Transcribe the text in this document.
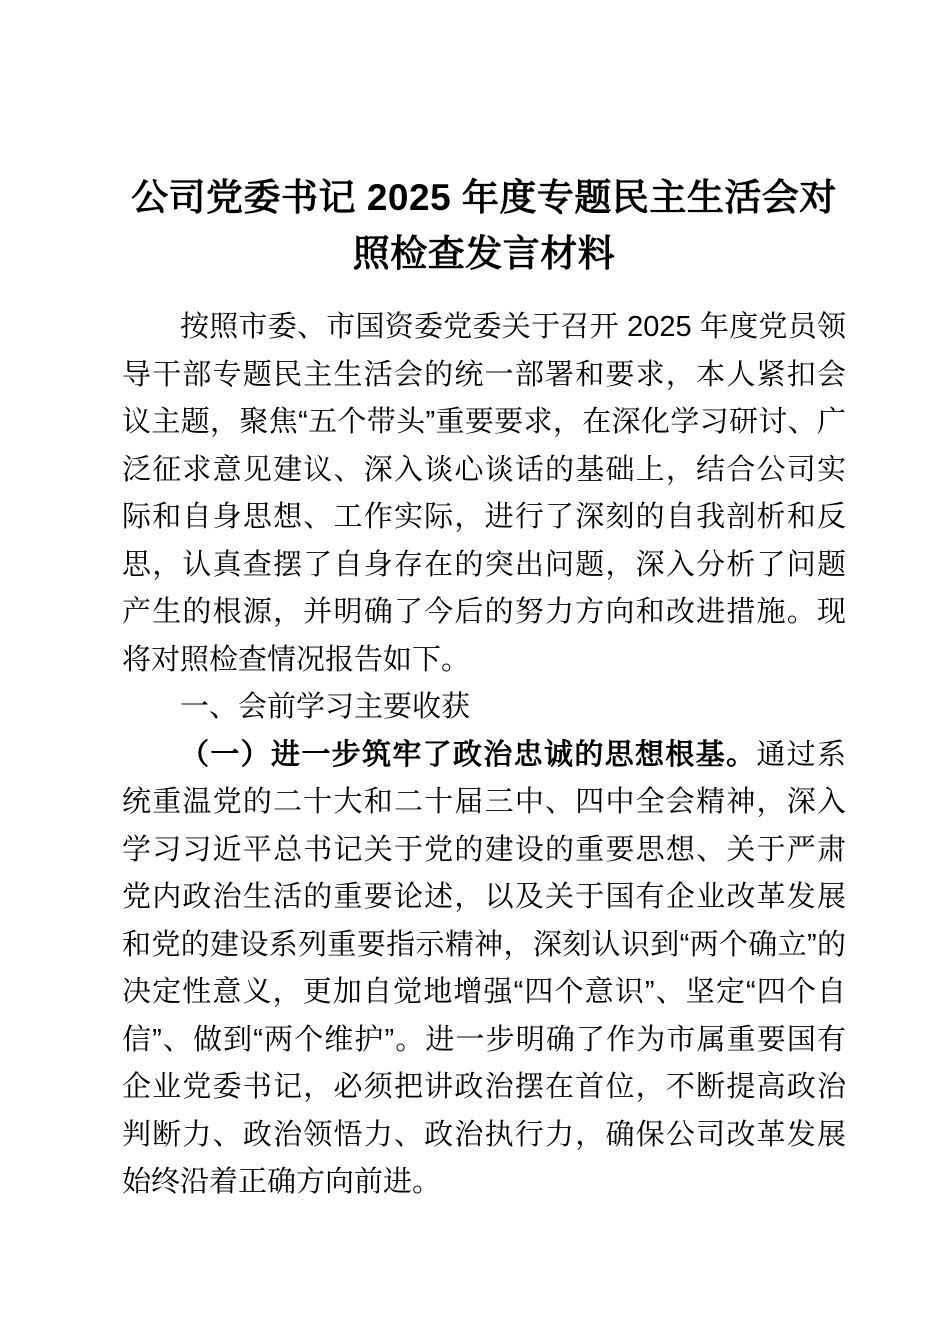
公司党委书记 2025 年度专题民主生活会对照检查发言材料

按照市委、市国资委党委关于召开 2025 年度党员领导干部专题民主生活会的统一部署和要求，本人紧扣会议主题，聚焦“五个带头”重要要求，在深化学习研讨、广泛征求意见建议、深入谈心谈话的基础上，结合公司实际和自身思想、工作实际，进行了深刻的自我剖析和反思，认真查摆了自身存在的突出问题，深入分析了问题产生的根源，并明确了今后的努力方向和改进措施。现将对照检查情况报告如下。

一、会前学习主要收获

（一）进一步筑牢了政治忠诚的思想根基。通过系统重温党的二十大和二十届三中、四中全会精神，深入学习习近平总书记关于党的建设的重要思想、关于严肃党内政治生活的重要论述，以及关于国有企业改革发展和党的建设系列重要指示精神，深刻认识到“两个确立”的决定性意义，更加自觉地增强“四个意识”、坚定“四个自信”、做到“两个维护”。进一步明确了作为市属重要国有企业党委书记，必须把讲政治摆在首位，不断提高政治判断力、政治领悟力、政治执行力，确保公司改革发展始终沿着正确方向前进。
